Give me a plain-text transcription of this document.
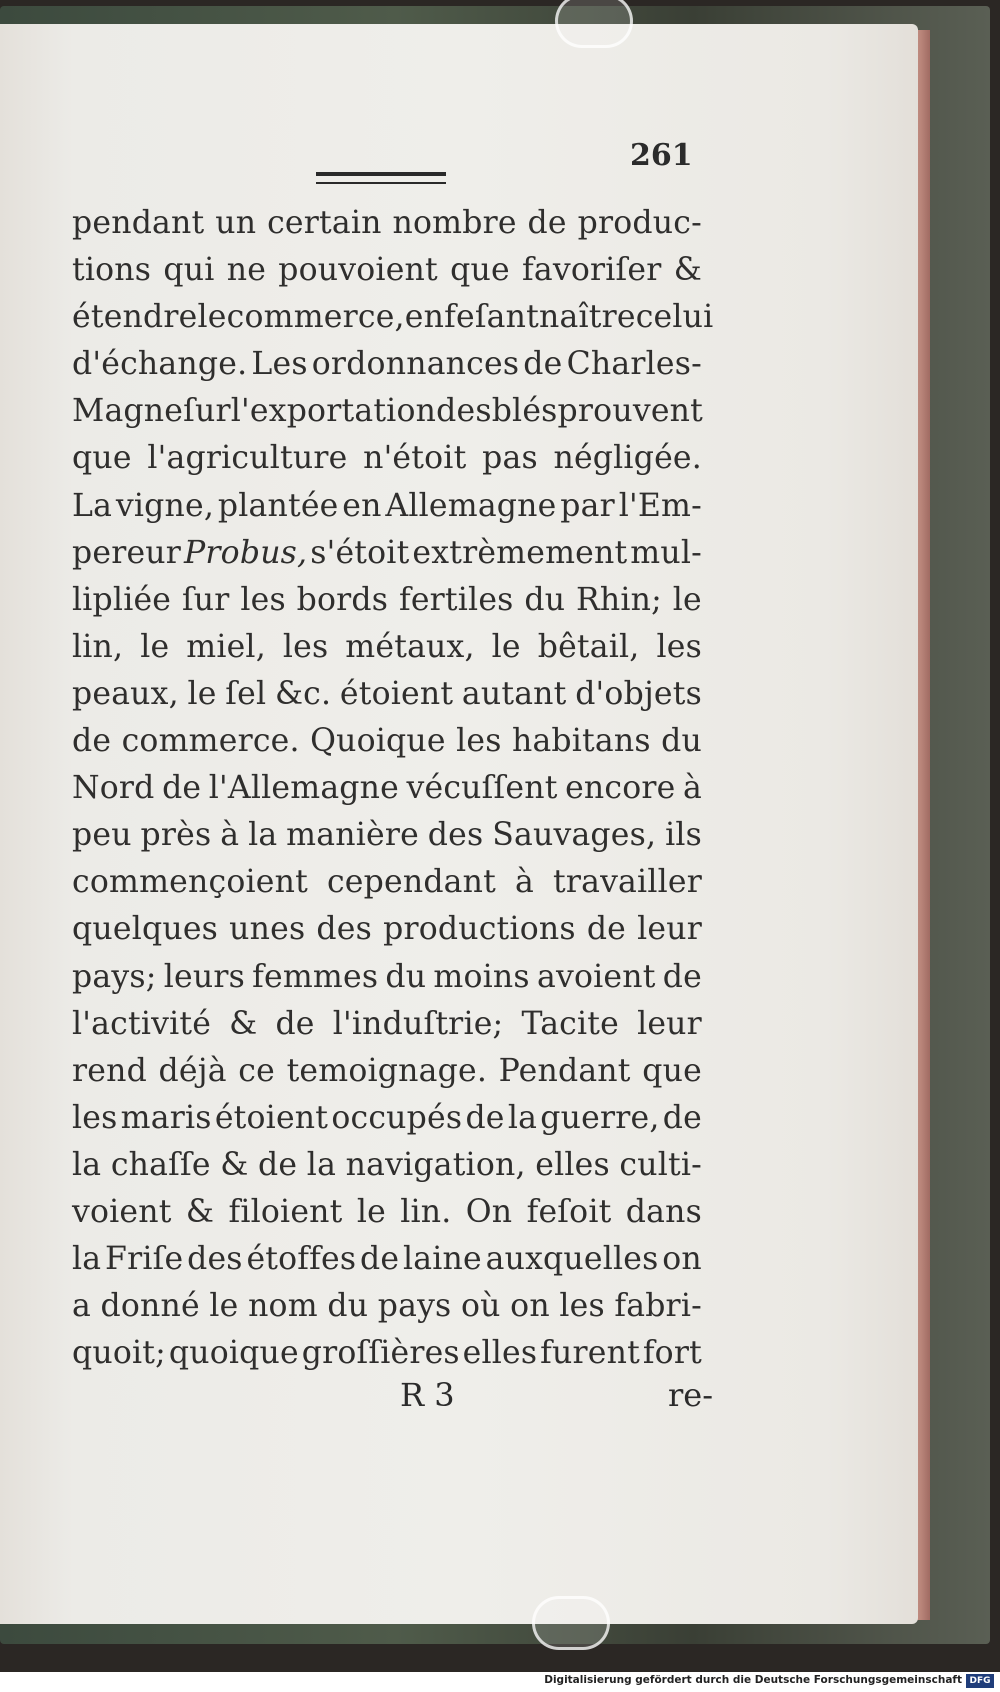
261
pendant un certain nombre de produc-
tions qui ne pouvoient que favoriſer &
étendre le commerce, en feſant naître celui
d'échange. Les ordonnances de Charles-
Magne ſur l'exportation des blés prouvent
que l'agriculture n'étoit pas négligée.
La vigne, plantée en Allemagne par l'Em-
pereur Probus, s'étoit extrèmement mul-
lipliée ſur les bords fertiles du Rhin; le
lin, le miel, les métaux, le bêtail, les
peaux, le ſel &c. étoient autant d'objets
de commerce. Quoique les habitans du
Nord de l'Allemagne vécuſſent encore à
peu près à la manière des Sauvages, ils
commençoient cependant à travailler
quelques unes des productions de leur
pays; leurs femmes du moins avoient de
l'activité & de l'induſtrie; Tacite leur
rend déjà ce temoignage. Pendant que
les maris étoient occupés de la guerre, de
la chaſſe & de la navigation, elles culti-
voient & filoient le lin. On feſoit dans
la Friſe des étoffes de laine auxquelles on
a donné le nom du pays où on les fabri-
quoit; quoique groſſières elles furent fort
R 3	re-
Digitalisierung gefördert durch die Deutsche Forschungsgemeinschaft DFG
